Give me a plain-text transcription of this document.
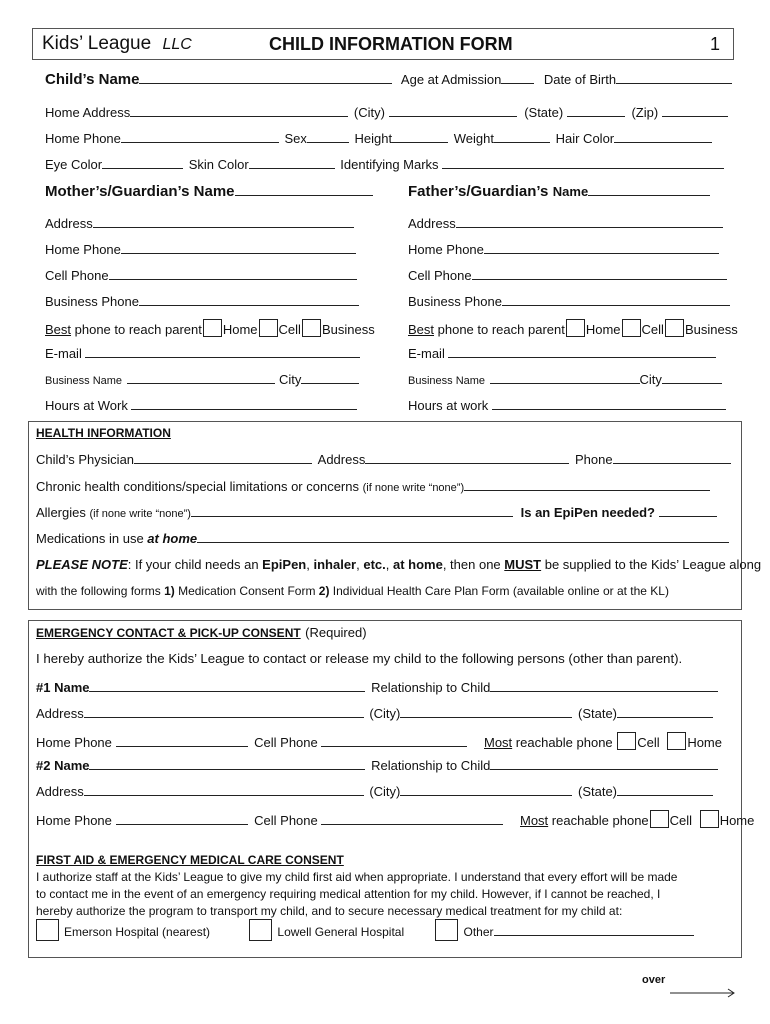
Kids’ League LLC	CHILD INFORMATION FORM	1
Child’s Name	Age at Admission	Date of Birth
Home Address	(City)	(State)	(Zip)
Home Phone	Sex	Height	Weight	Hair Color
Eye Color	Skin Color	Identifying Marks
Mother’s/Guardian’s Name
Address
Home Phone
Cell Phone
Business Phone
Best phone to reach parent Home Cell Business
E-mail
Business Name	City
Hours at Work
Father’s/Guardian’s Name
Address
Home Phone
Cell Phone
Business Phone
Best phone to reach parent Home Cell Business
E-mail
Business Name	City
Hours at work
HEALTH INFORMATION
Child’s Physician	Address	Phone
Chronic health conditions/special limitations or concerns (if none write “none”)
Allergies (if none write “none”)	Is an EpiPen needed?
Medications in use at home
PLEASE NOTE: If your child needs an EpiPen, inhaler, etc., at home, then one MUST be supplied to the Kids’ League along
with the following forms 1) Medication Consent Form 2) Individual Health Care Plan Form (available online or at the KL)
EMERGENCY CONTACT & PICK-UP CONSENT (Required)
I hereby authorize the Kids’ League to contact or release my child to the following persons (other than parent).
#1 Name	Relationship to Child
Address	(City)	(State)
Home Phone	Cell Phone	Most reachable phone Cell Home
#2 Name	Relationship to Child
Address	(City)	(State)
Home Phone	Cell Phone	Most reachable phone Cell Home
FIRST AID & EMERGENCY MEDICAL CARE CONSENT
I authorize staff at the Kids’ League to give my child first aid when appropriate. I understand that every effort will be made
to contact me in the event of an emergency requiring medical attention for my child. However, if I cannot be reached, I
hereby authorize the program to transport my child, and to secure necessary medical treatment for my child at:
Emerson Hospital (nearest)	Lowell General Hospital	Other
over
